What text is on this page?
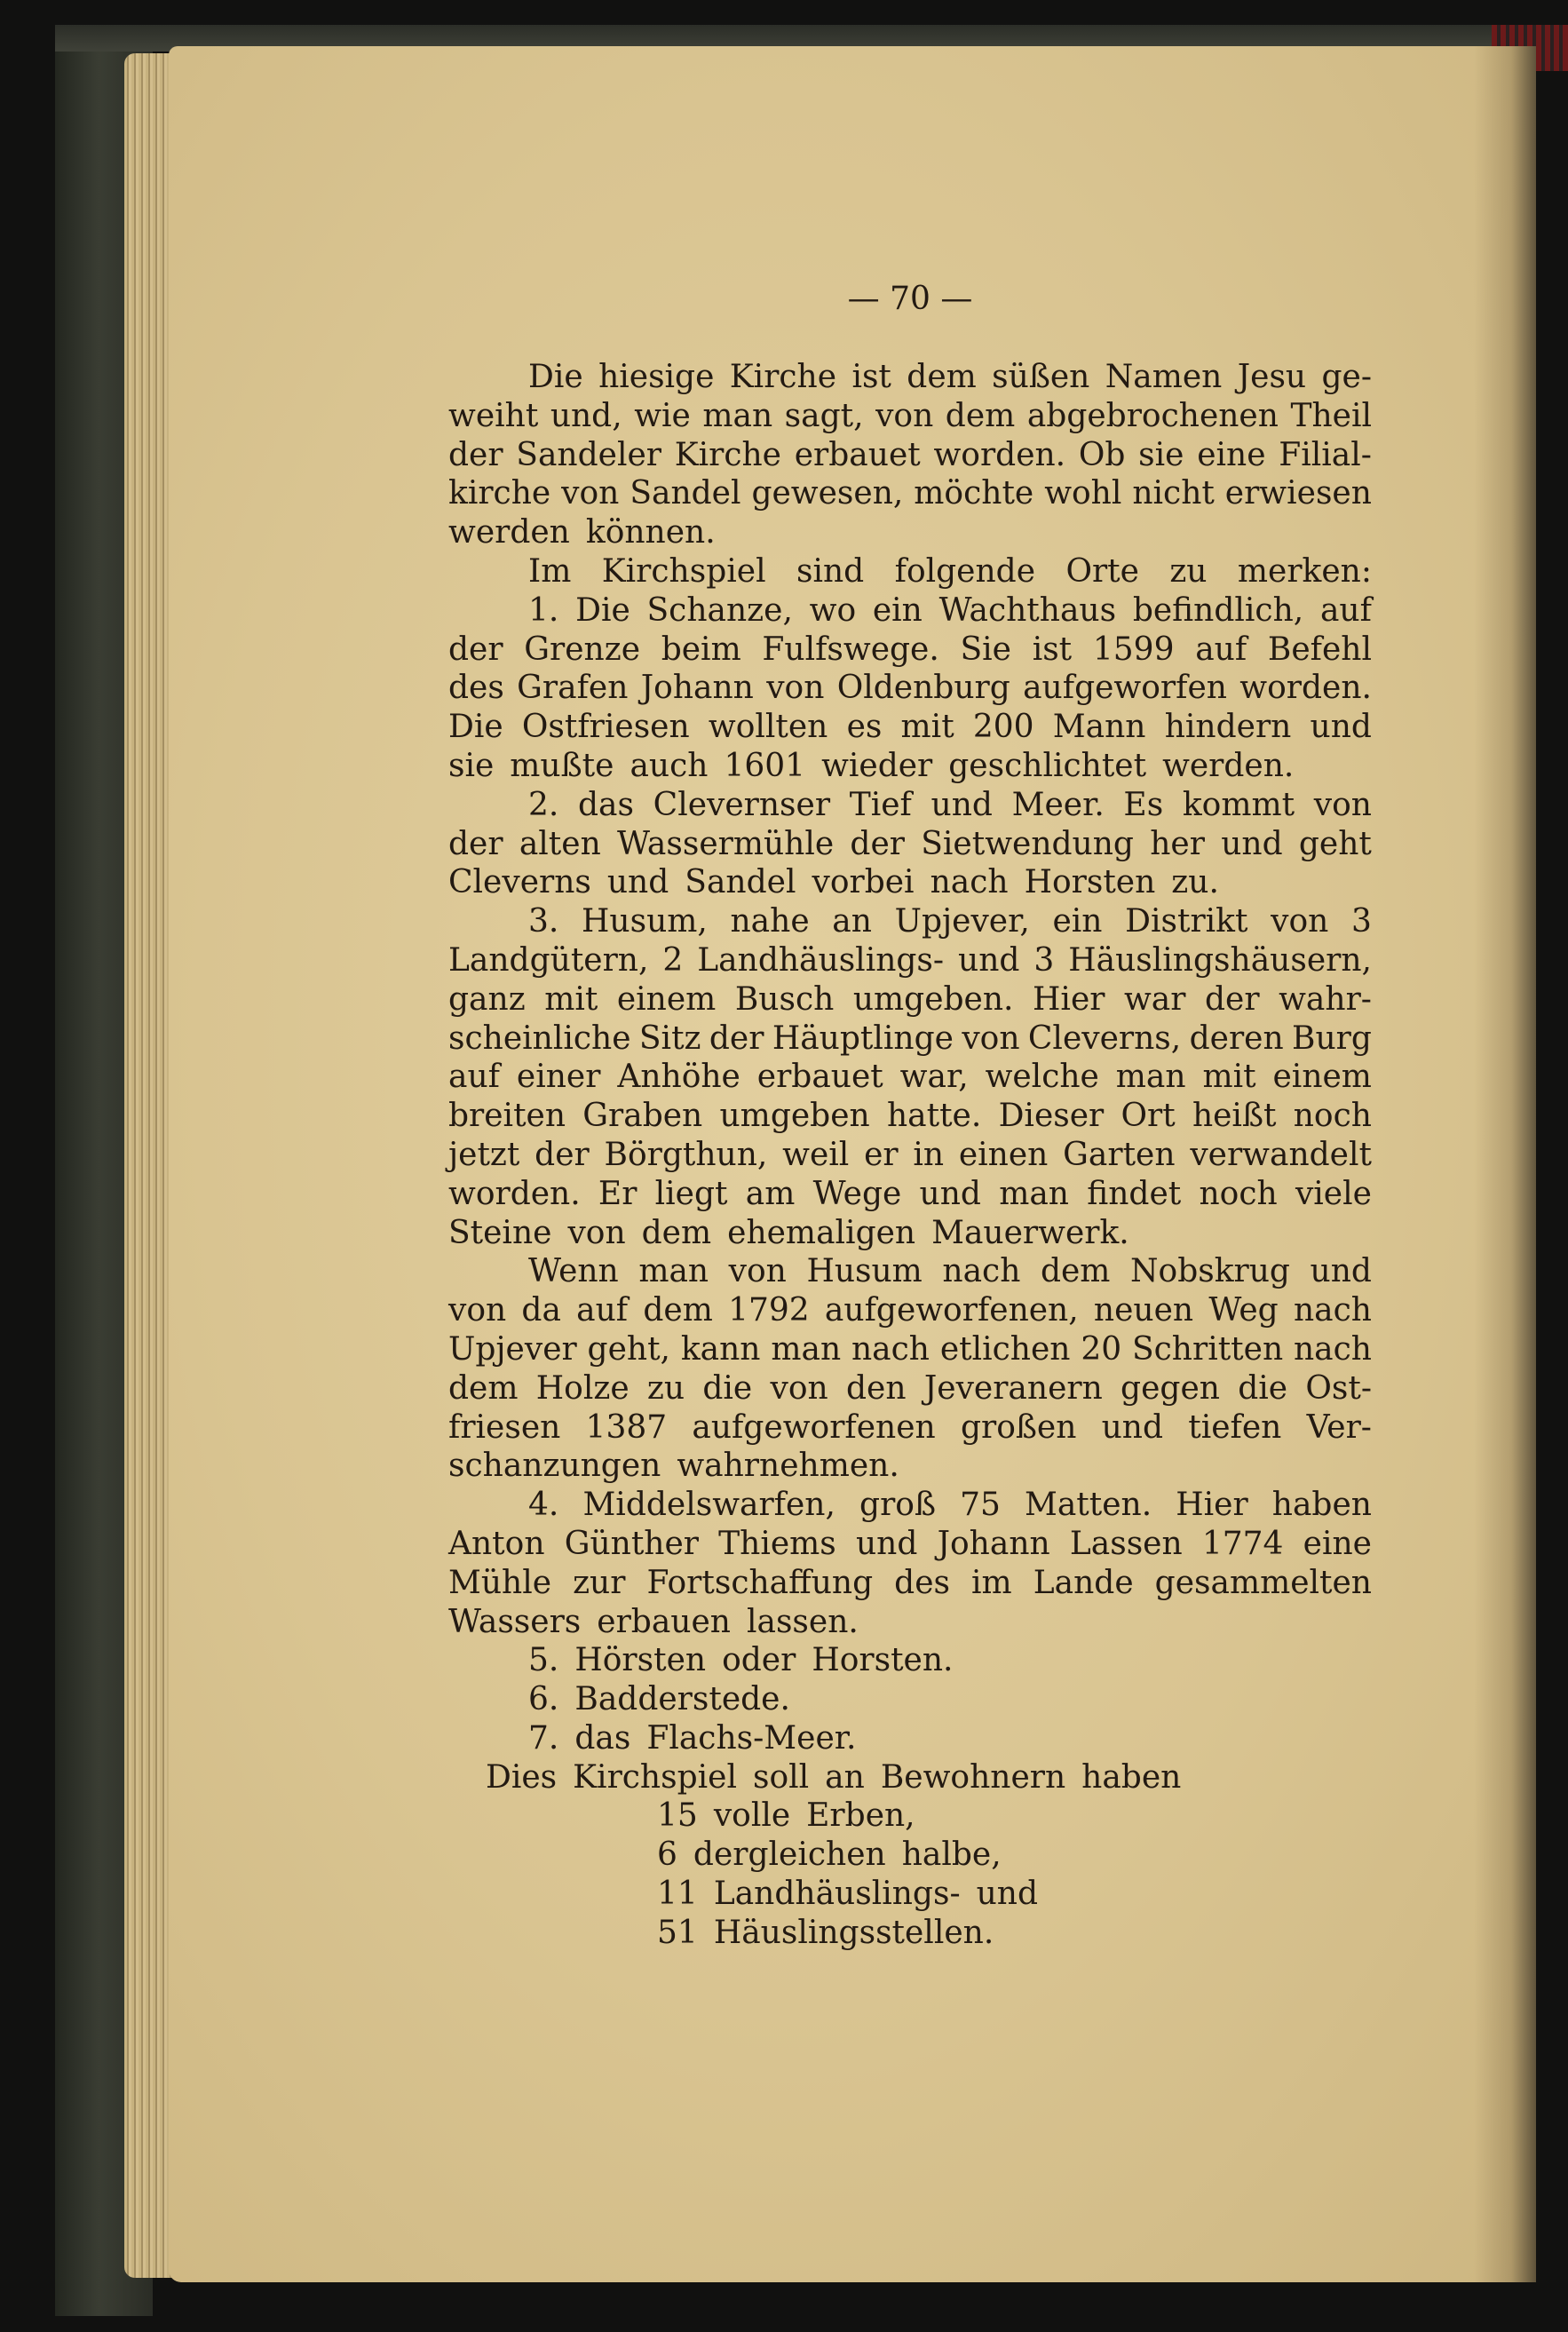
— 70 —
Die hiesige Kirche ist dem süßen Namen Jesu ge-
weiht und, wie man sagt, von dem abgebrochenen Theil
der Sandeler Kirche erbauet worden. Ob sie eine Filial-
kirche von Sandel gewesen, möchte wohl nicht erwiesen
werden können.
Im Kirchspiel sind folgende Orte zu merken:
1. Die Schanze, wo ein Wachthaus befindlich, auf
der Grenze beim Fulfswege. Sie ist 1599 auf Befehl
des Grafen Johann von Oldenburg aufgeworfen worden.
Die Ostfriesen wollten es mit 200 Mann hindern und
sie mußte auch 1601 wieder geschlichtet werden.
2. das Clevernser Tief und Meer. Es kommt von
der alten Wassermühle der Sietwendung her und geht
Cleverns und Sandel vorbei nach Horsten zu.
3. Husum, nahe an Upjever, ein Distrikt von 3
Landgütern, 2 Landhäuslings- und 3 Häuslingshäusern,
ganz mit einem Busch umgeben. Hier war der wahr-
scheinliche Sitz der Häuptlinge von Cleverns, deren Burg
auf einer Anhöhe erbauet war, welche man mit einem
breiten Graben umgeben hatte. Dieser Ort heißt noch
jetzt der Börgthun, weil er in einen Garten verwandelt
worden. Er liegt am Wege und man findet noch viele
Steine von dem ehemaligen Mauerwerk.
Wenn man von Husum nach dem Nobskrug und
von da auf dem 1792 aufgeworfenen, neuen Weg nach
Upjever geht, kann man nach etlichen 20 Schritten nach
dem Holze zu die von den Jeveranern gegen die Ost-
friesen 1387 aufgeworfenen großen und tiefen Ver-
schanzungen wahrnehmen.
4. Middelswarfen, groß 75 Matten. Hier haben
Anton Günther Thiems und Johann Lassen 1774 eine
Mühle zur Fortschaffung des im Lande gesammelten
Wassers erbauen lassen.
5. Hörsten oder Horsten.
6. Badderstede.
7. das Flachs-Meer.
Dies Kirchspiel soll an Bewohnern haben
15 volle Erben,
6 dergleichen halbe,
11 Landhäuslings- und
51 Häuslingsstellen.
